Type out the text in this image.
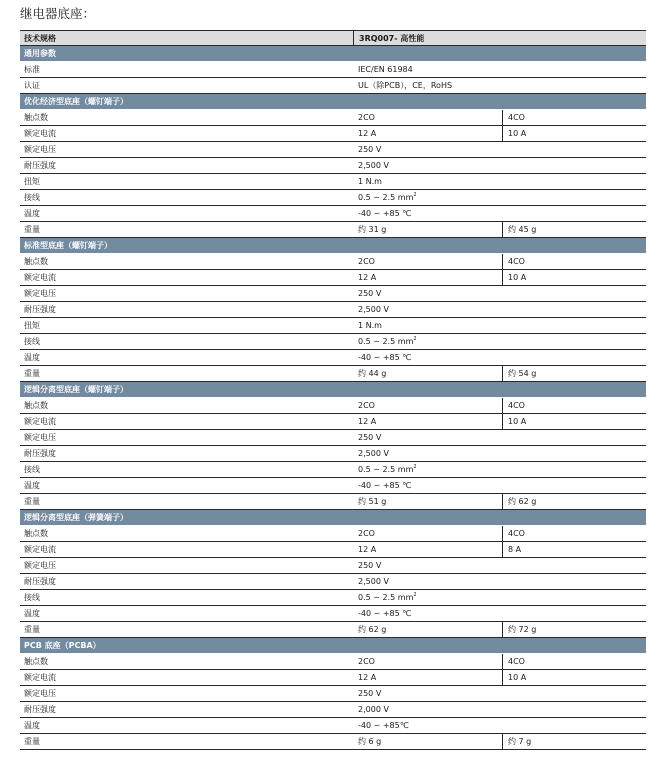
继电器底座：
技术规格	3RQ007- 高性能
通用参数
标准	IEC/EN 61984
认证	UL（除PCB），CE，RoHS
优化经济型底座（螺钉端子）
触点数	2CO	4CO
额定电流	12 A	10 A
额定电压	250 V
耐压强度	2,500 V
扭矩	1 N.m
接线	0.5 ~ 2.5 $mm^2$
温度	-40 ~ +85 ℃
重量	约 31 g	约 45 g
标准型底座（螺钉端子）
触点数	2CO	4CO
额定电流	12 A	10 A
额定电压	250 V
耐压强度	2,500 V
扭矩	1 N.m
接线	0.5 ~ 2.5 $mm^2$
温度	-40 ~ +85 ℃
重量	约 44 g	约 54 g
逻辑分离型底座（螺钉端子）
触点数	2CO	4CO
额定电流	12 A	10 A
额定电压	250 V
耐压强度	2,500 V
接线	0.5 ~ 2.5 $mm^2$
温度	-40 ~ +85 ℃
重量	约 51 g	约 62 g
逻辑分离型底座（弹簧端子）
触点数	2CO	4CO
额定电流	12 A	8 A
额定电压	250 V
耐压强度	2,500 V
接线	0.5 ~ 2.5 $mm^2$
温度	-40 ~ +85 ℃
重量	约 62 g	约 72 g
PCB 底座（PCBA）
触点数	2CO	4CO
额定电流	12 A	10 A
额定电压	250 V
耐压强度	2,000 V
温度	-40 ~ +85℃
重量	约 6 g	约 7 g
